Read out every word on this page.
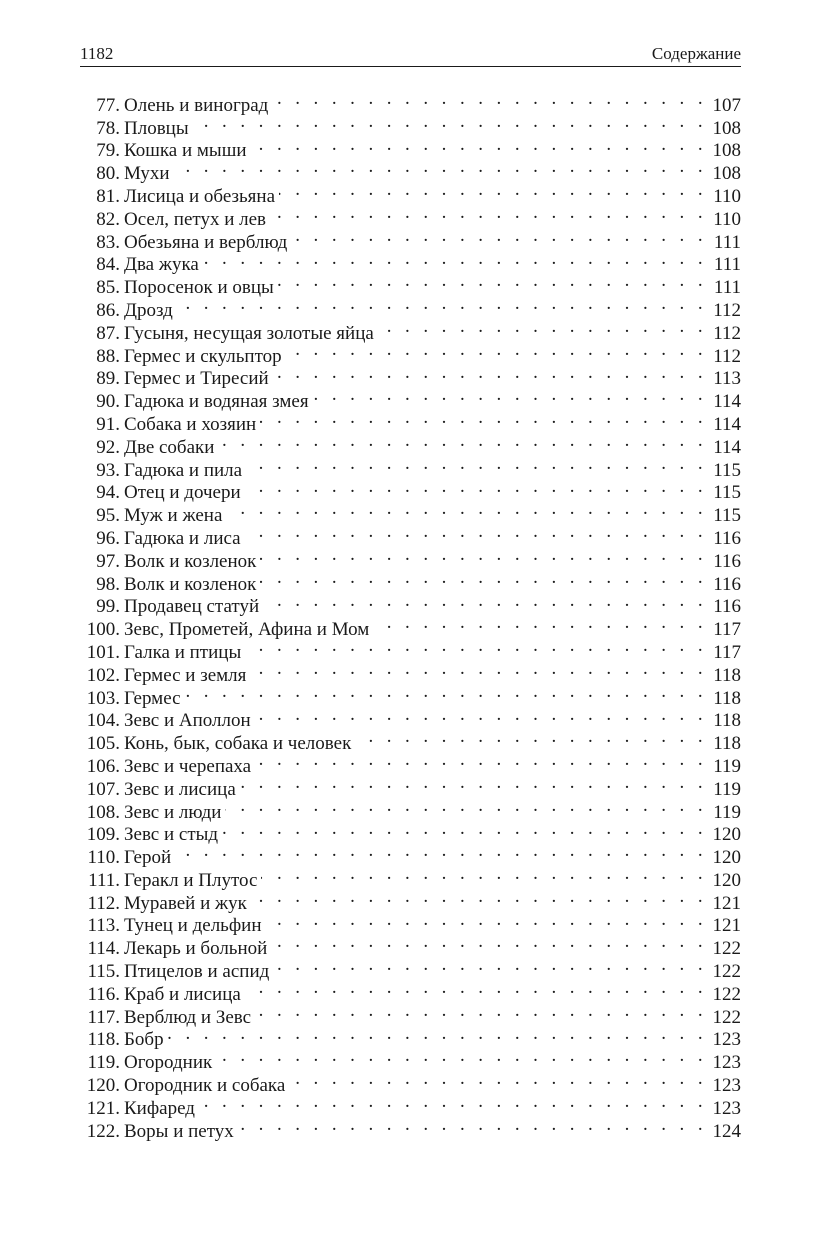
1182	Содержание
77. Олень и виноград . . .	107
78. Пловцы . . .	108
79. Кошка и мыши . . .	108
80. Мухи . . .	108
81. Лисица и обезьяна . . .	110
82. Осел, петух и лев . . .	110
83. Обезьяна и верблюд . . .	111
84. Два жука . . .	111
85. Поросенок и овцы . . .	111
86. Дрозд . . .	112
87. Гусыня, несущая золотые яйца . . .	112
88. Гермес и скульптор . . .	112
89. Гермес и Тиресий . . .	113
90. Гадюка и водяная змея . . .	114
91. Собака и хозяин . . .	114
92. Две собаки . . .	114
93. Гадюка и пила . . .	115
94. Отец и дочери . . .	115
95. Муж и жена . . .	115
96. Гадюка и лиса . . .	116
97. Волк и козленок . . .	116
98. Волк и козленок . . .	116
99. Продавец статуй . . .	116
100. Зевс, Прометей, Афина и Мом . . .	117
101. Галка и птицы . . .	117
102. Гермес и земля . . .	118
103. Гермес . . .	118
104. Зевс и Аполлон . . .	118
105. Конь, бык, собака и человек . . .	118
106. Зевс и черепаха . . .	119
107. Зевс и лисица . . .	119
108. Зевс и люди . . .	119
109. Зевс и стыд . . .	120
110. Герой . . .	120
111. Геракл и Плутос . . .	120
112. Муравей и жук . . .	121
113. Тунец и дельфин . . .	121
114. Лекарь и больной . . .	122
115. Птицелов и аспид . . .	122
116. Краб и лисица . . .	122
117. Верблюд и Зевс . . .	122
118. Бобр . . .	123
119. Огородник . . .	123
120. Огородник и собака . . .	123
121. Кифаред . . .	123
122. Воры и петух . . .	124
